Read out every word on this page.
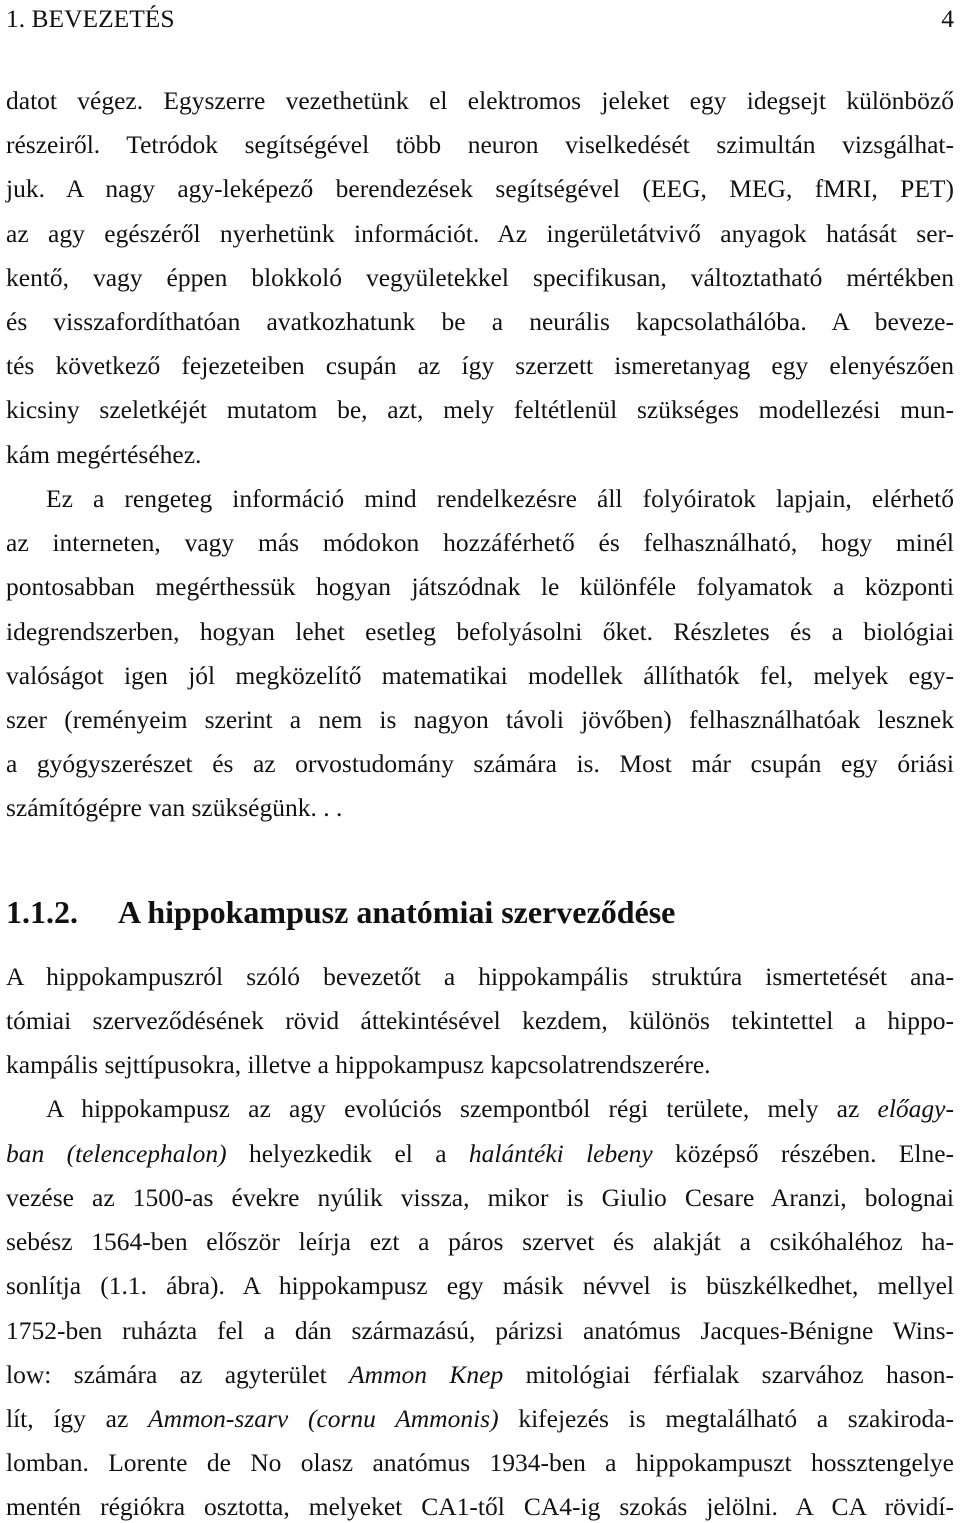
1. BEVEZETÉS	4

datot végez. Egyszerre vezethetünk el elektromos jeleket egy idegsejt különböző

részeiről. Tetródok segítségével több neuron viselkedését szimultán vizsgálhat-

juk. A nagy agy-leképező berendezések segítségével (EEG, MEG, fMRI, PET)

az agy egészéről nyerhetünk információt. Az ingerületátvivő anyagok hatását ser-

kentő, vagy éppen blokkoló vegyületekkel specifikusan, változtatható mértékben

és visszafordíthatóan avatkozhatunk be a neurális kapcsolathálóba. A beveze-

tés következő fejezeteiben csupán az így szerzett ismeretanyag egy elenyészően

kicsiny szeletkéjét mutatom be, azt, mely feltétlenül szükséges modellezési mun-

kám megértéséhez.

Ez a rengeteg információ mind rendelkezésre áll folyóiratok lapjain, elérhető

az interneten, vagy más módokon hozzáférhető és felhasználható, hogy minél

pontosabban megérthessük hogyan játszódnak le különféle folyamatok a központi

idegrendszerben, hogyan lehet esetleg befolyásolni őket. Részletes és a biológiai

valóságot igen jól megközelítő matematikai modellek állíthatók fel, melyek egy-

szer (reményeim szerint a nem is nagyon távoli jövőben) felhasználhatóak lesznek

a gyógyszerészet és az orvostudomány számára is. Most már csupán egy óriási

számítógépre van szükségünk. . .

1.1.2. A hippokampusz anatómiai szerveződése

A hippokampuszról szóló bevezetőt a hippokampális struktúra ismertetését ana-

tómiai szerveződésének rövid áttekintésével kezdem, különös tekintettel a hippo-

kampális sejttípusokra, illetve a hippokampusz kapcsolatrendszerére.

A hippokampusz az agy evolúciós szempontból régi területe, mely az előagy-

ban (telencephalon) helyezkedik el a halántéki lebeny középső részében. Elne-

vezése az 1500-as évekre nyúlik vissza, mikor is Giulio Cesare Aranzi, bolognai

sebész 1564-ben először leírja ezt a páros szervet és alakját a csikóhaléhoz ha-

sonlítja (1.1. ábra). A hippokampusz egy másik névvel is büszkélkedhet, mellyel

1752-ben ruházta fel a dán származású, párizsi anatómus Jacques-Bénigne Wins-

low: számára az agyterület Ammon Knep mitológiai férfialak szarvához hason-

lít, így az Ammon-szarv (cornu Ammonis) kifejezés is megtalálható a szakiroda-

lomban. Lorente de No olasz anatómus 1934-ben a hippokampuszt hossztengelye

mentén régiókra osztotta, melyeket CA1-től CA4-ig szokás jelölni. A CA rövidí-
